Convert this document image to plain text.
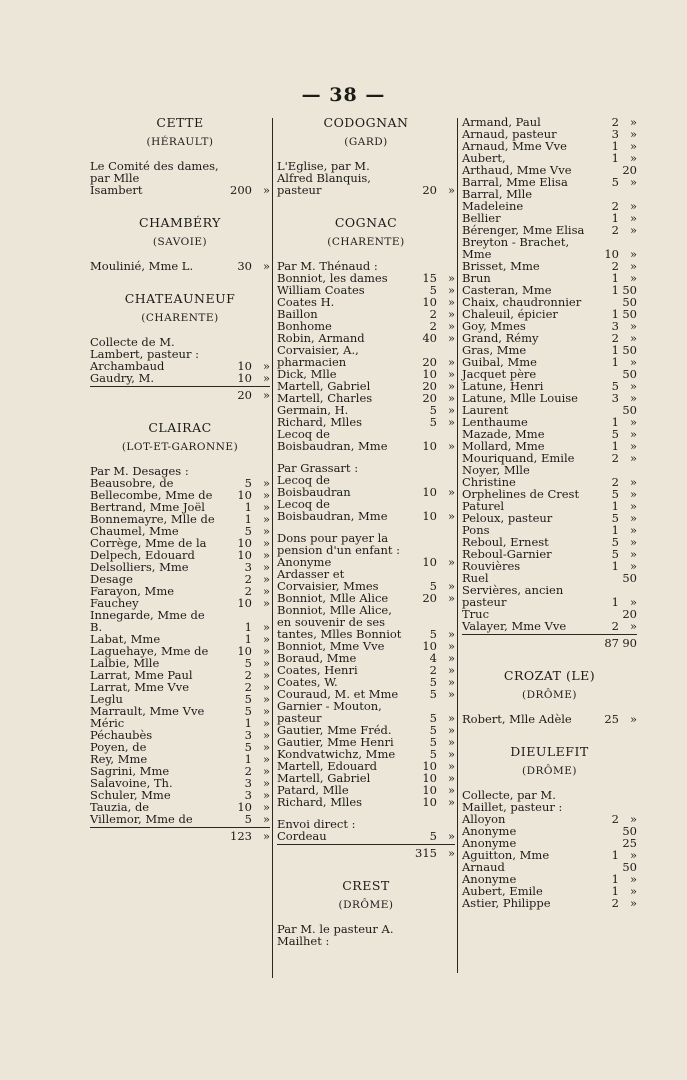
— 38 —
CETTE
(HÉRAULT)
Le Comité des dames, par Mlle
Isambert	200 »
CHAMBÉRY
(SAVOIE)
Moulinié, Mme L.	30 »
CHATEAUNEUF
(CHARENTE)
Collecte de M. Lambert, pasteur :
Archambaud	10 »
Gaudry, M.	10 »
20 »
CLAIRAC
(LOT-ET-GARONNE)
Par M. Desages :
Beausobre, de	5 »
Bellecombe, Mme de	10 »
Bertrand, Mme Joël	1 »
Bonnemayre, Mlle de	1 »
Chaumel, Mme	5 »
Corrège, Mme de la	10 »
Delpech, Edouard	10 »
Delsolliers, Mme	3 »
Desage	2 »
Farayon, Mme	2 »
Fauchey	10 »
Innegarde, Mme de B.	1 »
Labat, Mme	1 »
Laguehaye, Mme de	10 »
Lalbie, Mlle	5 »
Larrat, Mme Paul	2 »
Larrat, Mme Vve	2 »
Leglu	5 »
Marrault, Mme Vve	5 »
Méric	1 »
Péchaubès	3 »
Poyen, de	5 »
Rey, Mme	1 »
Sagrini, Mme	2 »
Salavoine, Th.	3 »
Schuler, Mme	3 »
Tauzia, de	10 »
Villemor, Mme de	5 »
123 »
CODOGNAN
(GARD)
L'Eglise, par M. Alfred Blanquis, pasteur	20 »
COGNAC
(CHARENTE)
Par M. Thénaud :
Bonniot, les dames	15 »
William Coates	5 »
Coates H.	10 »
Baillon	2 »
Bonhome	2 »
Robin, Armand	40 »
Corvaisier, A., pharmacien	20 »
Dick, Mlle	10 »
Martell, Gabriel	20 »
Martell, Charles	20 »
Germain, H.	5 »
Richard, Mlles	5 »
Lecoq de Boisbaudran, Mme	10 »
Par Grassart :
Lecoq de Boisbaudran	10 »
Lecoq de Boisbaudran, Mme	10 »
Dons pour payer la pension d'un enfant :
Anonyme	10 »
Ardasser et Corvaisier, Mmes	5 »
Bonniot, Mlle Alice	20 »
Bonniot, Mlle Alice, en souvenir de ses tantes, Mlles Bonniot	5 »
Bonniot, Mme Vve	10 »
Boraud, Mme	4 »
Coates, Henri	2 »
Coates, W.	5 »
Couraud, M. et Mme	5 »
Garnier - Mouton, pasteur	5 »
Gautier, Mme Fréd.	5 »
Gautier, Mme Henri	5 »
Kondvatwichz, Mme	5 »
Martell, Edouard	10 »
Martell, Gabriel	10 »
Patard, Mlle	10 »
Richard, Mlles	10 »
Envoi direct :
Cordeau	5 »
315 »
CREST
(DRÔME)
Par M. le pasteur A. Mailhet :
Armand, Paul	2 »
Arnaud, pasteur	3 »
Arnaud, Mme Vve	1 »
Aubert,	1 »
Arthaud, Mme Vve	20
Barral, Mme Elisa	5 »
Barral, Mlle Madeleine	2 »
Bellier	1 »
Bérenger, Mme Elisa	2 »
Breyton - Brachet, Mme	10 »
Brisset, Mme	2 »
Brun	1 »
Casteran, Mme	1 50
Chaix, chaudronnier	50
Chaleuil, épicier	1 50
Goy, Mmes	3 »
Grand, Rémy	2 »
Gras, Mme	1 50
Guibal, Mme	1 »
Jacquet père	50
Latune, Henri	5 »
Latune, Mlle Louise	3 »
Laurent	50
Lenthaume	1 »
Mazade, Mme	5 »
Mollard, Mme	1 »
Mouriquand, Emile	2 »
Noyer, Mlle Christine	2 »
Orphelines de Crest	5 »
Paturel	1 »
Peloux, pasteur	5 »
Pons	1 »
Reboul, Ernest	5 »
Reboul-Garnier	5 »
Rouvières	1 »
Ruel	50
Servières, ancien pasteur	1 »
Truc	20
Valayer, Mme Vve	2 »
87 90
CROZAT (LE)
(DRÔME)
Robert, Mlle Adèle	25 »
DIEULEFIT
(DRÔME)
Collecte, par M. Maillet, pasteur :
Alloyon	2 »
Anonyme	50
Anonyme	25
Aguitton, Mme	1 »
Arnaud	50
Anonyme	1 »
Aubert, Emile	1 »
Astier, Philippe	2 »
